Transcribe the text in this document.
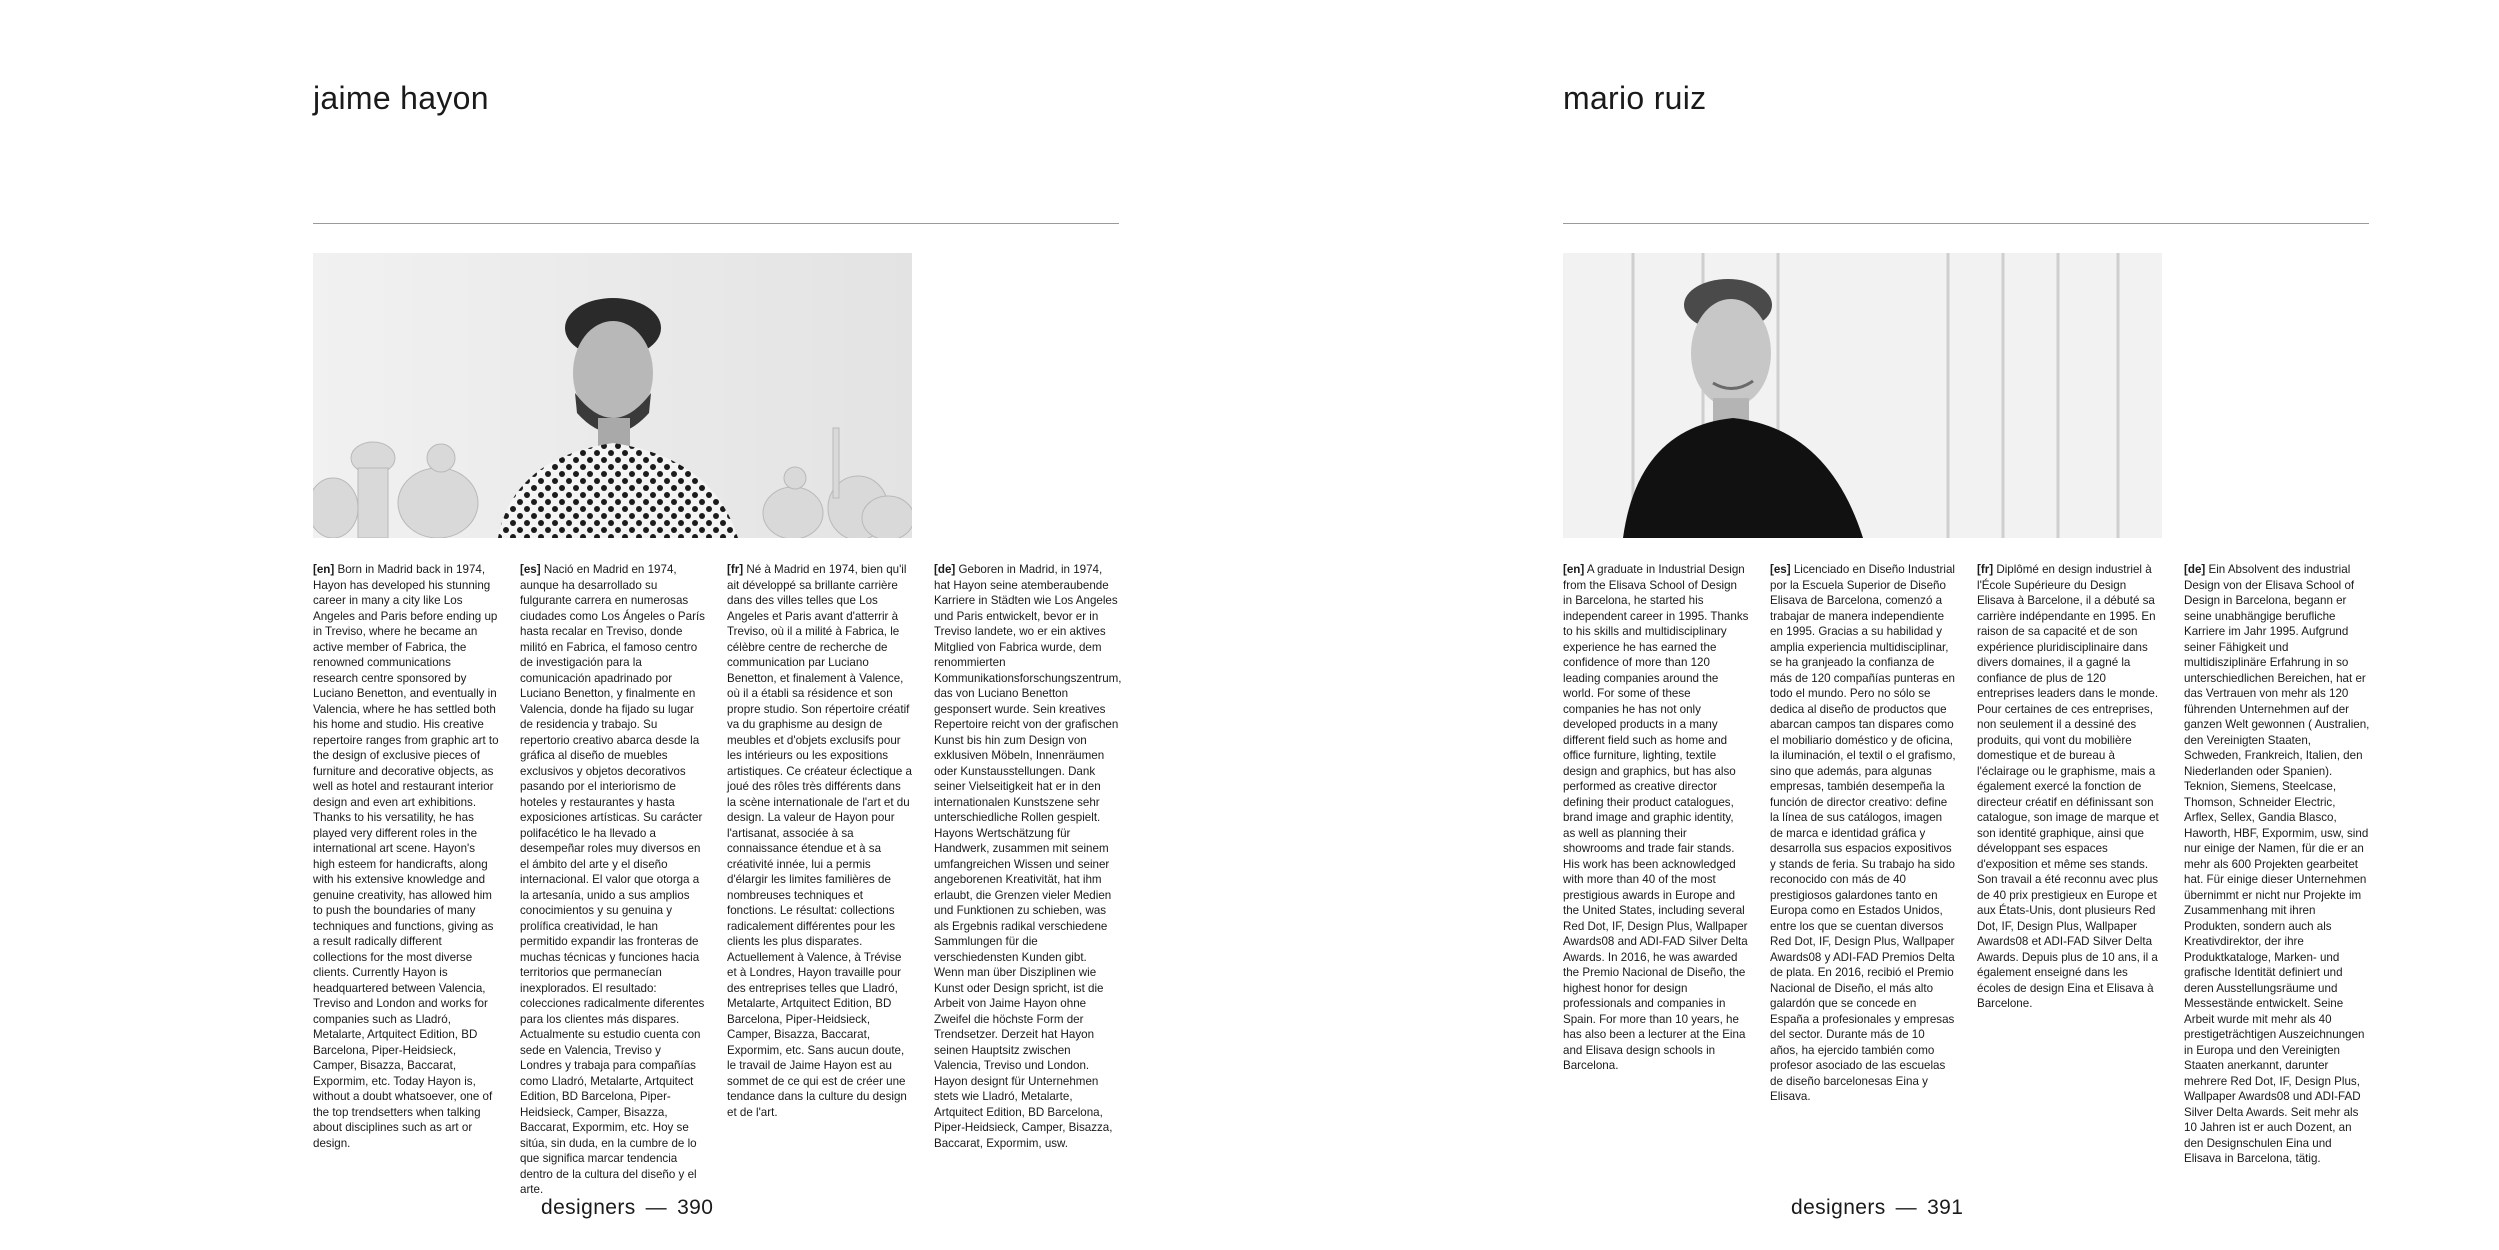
jaime hayon
[en] Born in Madrid back in 1974, Hayon has developed his stunning career in many a city like Los Angeles and Paris before ending up in Treviso, where he became an active member of Fabrica, the renowned communications research centre sponsored by Luciano Benetton, and eventually in Valencia, where he has settled both his home and studio. His creative repertoire ranges from graphic art to the design of exclusive pieces of furniture and decorative objects, as well as hotel and restaurant interior design and even art exhibitions. Thanks to his versatility, he has played very different roles in the international art scene. Hayon's high esteem for handicrafts, along with his extensive knowledge and genuine creativity, has allowed him to push the boundaries of many techniques and functions, giving as a result radically different collections for the most diverse clients. Currently Hayon is headquartered between Valencia, Treviso and London and works for companies such as Lladró, Metalarte, Artquitect Edition, BD Barcelona, Piper-Heidsieck, Camper, Bisazza, Baccarat, Expormim, etc. Today Hayon is, without a doubt whatsoever, one of the top trendsetters when talking about disciplines such as art or design.
[es] Nació en Madrid en 1974, aunque ha desarrollado su fulgurante carrera en numerosas ciudades como Los Ángeles o París hasta recalar en Treviso, donde militó en Fabrica, el famoso centro de investigación para la comunicación apadrinado por Luciano Benetton, y finalmente en Valencia, donde ha fijado su lugar de residencia y trabajo. Su repertorio creativo abarca desde la gráfica al diseño de muebles exclusivos y objetos decorativos pasando por el interiorismo de hoteles y restaurantes y hasta exposiciones artísticas. Su carácter polifacético le ha llevado a desempeñar roles muy diversos en el ámbito del arte y el diseño internacional. El valor que otorga a la artesanía, unido a sus amplios conocimientos y su genuina y prolífica creatividad, le han permitido expandir las fronteras de muchas técnicas y funciones hacia territorios que permanecían inexplorados. El resultado: colecciones radicalmente diferentes para los clientes más dispares. Actualmente su estudio cuenta con sede en Valencia, Treviso y Londres y trabaja para compañías como Lladró, Metalarte, Artquitect Edition, BD Barcelona, Piper-Heidsieck, Camper, Bisazza, Baccarat, Expormim, etc. Hoy se sitúa, sin duda, en la cumbre de lo que significa marcar tendencia dentro de la cultura del diseño y el arte.
[fr] Né à Madrid en 1974, bien qu'il ait développé sa brillante carrière dans des villes telles que Los Angeles et Paris avant d'atterrir à Treviso, où il a milité à Fabrica, le célèbre centre de recherche de communication par Luciano Benetton, et finalement à Valence, où il a établi sa résidence et son propre studio. Son répertoire créatif va du graphisme au design de meubles et d'objets exclusifs pour les intérieurs ou les expositions artistiques. Ce créateur éclectique a joué des rôles très différents dans la scène internationale de l'art et du design. La valeur de Hayon pour l'artisanat, associée à sa connaissance étendue et à sa créativité innée, lui a permis d'élargir les limites familières de nombreuses techniques et fonctions. Le résultat: collections radicalement différentes pour les clients les plus disparates. Actuellement à Valence, à Trévise et à Londres, Hayon travaille pour des entreprises telles que Lladró, Metalarte, Artquitect Edition, BD Barcelona, Piper-Heidsieck, Camper, Bisazza, Baccarat, Expormim, etc. Sans aucun doute, le travail de Jaime Hayon est au sommet de ce qui est de créer une tendance dans la culture du design et de l'art.
[de] Geboren in Madrid, in 1974, hat Hayon seine atemberaubende Karriere in Städten wie Los Angeles und Paris entwickelt, bevor er in Treviso landete, wo er ein aktives Mitglied von Fabrica wurde, dem renommierten Kommunikationsforschungszentrum, das von Luciano Benetton gesponsert wurde. Sein kreatives Repertoire reicht von der grafischen Kunst bis hin zum Design von exklusiven Möbeln, Innenräumen oder Kunstausstellungen. Dank seiner Vielseitigkeit hat er in den internationalen Kunstszene sehr unterschiedliche Rollen gespielt. Hayons Wertschätzung für Handwerk, zusammen mit seinem umfangreichen Wissen und seiner angeborenen Kreativität, hat ihm erlaubt, die Grenzen vieler Medien und Funktionen zu schieben, was als Ergebnis radikal verschiedene Sammlungen für die verschiedensten Kunden gibt. Wenn man über Disziplinen wie Kunst oder Design spricht, ist die Arbeit von Jaime Hayon ohne Zweifel die höchste Form der Trendsetzer. Derzeit hat Hayon seinen Hauptsitz zwischen Valencia, Treviso und London. Hayon designt für Unternehmen stets wie Lladró, Metalarte, Artquitect Edition, BD Barcelona, Piper-Heidsieck, Camper, Bisazza, Baccarat, Expormim, usw.
designers — 390
mario ruiz
[en] A graduate in Industrial Design from the Elisava School of Design in Barcelona, he started his independent career in 1995. Thanks to his skills and multidisciplinary experience he has earned the confidence of more than 120 leading companies around the world. For some of these companies he has not only developed products in a many different field such as home and office furniture, lighting, textile design and graphics, but has also performed as creative director defining their product catalogues, brand image and graphic identity, as well as planning their showrooms and trade fair stands. His work has been acknowledged with more than 40 of the most prestigious awards in Europe and the United States, including several Red Dot, IF, Design Plus, Wallpaper Awards08 and ADI-FAD Silver Delta Awards. In 2016, he was awarded the Premio Nacional de Diseño, the highest honor for design professionals and companies in Spain. For more than 10 years, he has also been a lecturer at the Eina and Elisava design schools in Barcelona.
[es] Licenciado en Diseño Industrial por la Escuela Superior de Diseño Elisava de Barcelona, comenzó a trabajar de manera independiente en 1995. Gracias a su habilidad y amplia experiencia multidisciplinar, se ha granjeado la confianza de más de 120 compañías punteras en todo el mundo. Pero no sólo se dedica al diseño de productos que abarcan campos tan dispares como el mobiliario doméstico y de oficina, la iluminación, el textil o el grafismo, sino que además, para algunas empresas, también desempeña la función de director creativo: define la línea de sus catálogos, imagen de marca e identidad gráfica y desarrolla sus espacios expositivos y stands de feria. Su trabajo ha sido reconocido con más de 40 prestigiosos galardones tanto en Europa como en Estados Unidos, entre los que se cuentan diversos Red Dot, IF, Design Plus, Wallpaper Awards08 y ADI-FAD Premios Delta de plata. En 2016, recibió el Premio Nacional de Diseño, el más alto galardón que se concede en España a profesionales y empresas del sector. Durante más de 10 años, ha ejercido también como profesor asociado de las escuelas de diseño barcelonesas Eina y Elisava.
[fr] Diplômé en design industriel à l'École Supérieure du Design Elisava à Barcelone, il a débuté sa carrière indépendante en 1995. En raison de sa capacité et de son expérience pluridisciplinaire dans divers domaines, il a gagné la confiance de plus de 120 entreprises leaders dans le monde. Pour certaines de ces entreprises, non seulement il a dessiné des produits, qui vont du mobilière domestique et de bureau à l'éclairage ou le graphisme, mais a également exercé la fonction de directeur créatif en définissant son catalogue, son image de marque et son identité graphique, ainsi que développant ses espaces d'exposition et même ses stands. Son travail a été reconnu avec plus de 40 prix prestigieux en Europe et aux États-Unis, dont plusieurs Red Dot, IF, Design Plus, Wallpaper Awards08 et ADI-FAD Silver Delta Awards. Depuis plus de 10 ans, il a également enseigné dans les écoles de design Eina et Elisava à Barcelone.
[de] Ein Absolvent des industrial Design von der Elisava School of Design in Barcelona, begann er seine unabhängige berufliche Karriere im Jahr 1995. Aufgrund seiner Fähigkeit und multidisziplinäre Erfahrung in so unterschiedlichen Bereichen, hat er das Vertrauen von mehr als 120 führenden Unternehmen auf der ganzen Welt gewonnen ( Australien, den Vereinigten Staaten, Schweden, Frankreich, Italien, den Niederlanden oder Spanien). Teknion, Siemens, Steelcase, Thomson, Schneider Electric, Arflex, Sellex, Gandia Blasco, Haworth, HBF, Expormim, usw, sind nur einige der Namen, für die er an mehr als 600 Projekten gearbeitet hat. Für einige dieser Unternehmen übernimmt er nicht nur Projekte im Zusammenhang mit ihren Produkten, sondern auch als Kreativdirektor, der ihre Produktkataloge, Marken- und grafische Identität definiert und deren Ausstellungsräume und Messestände entwickelt. Seine Arbeit wurde mit mehr als 40 prestigeträchtigen Auszeichnungen in Europa und den Vereinigten Staaten anerkannt, darunter mehrere Red Dot, IF, Design Plus, Wallpaper Awards08 und ADI-FAD Silver Delta Awards. Seit mehr als 10 Jahren ist er auch Dozent, an den Designschulen Eina und Elisava in Barcelona, tätig.
designers — 391
